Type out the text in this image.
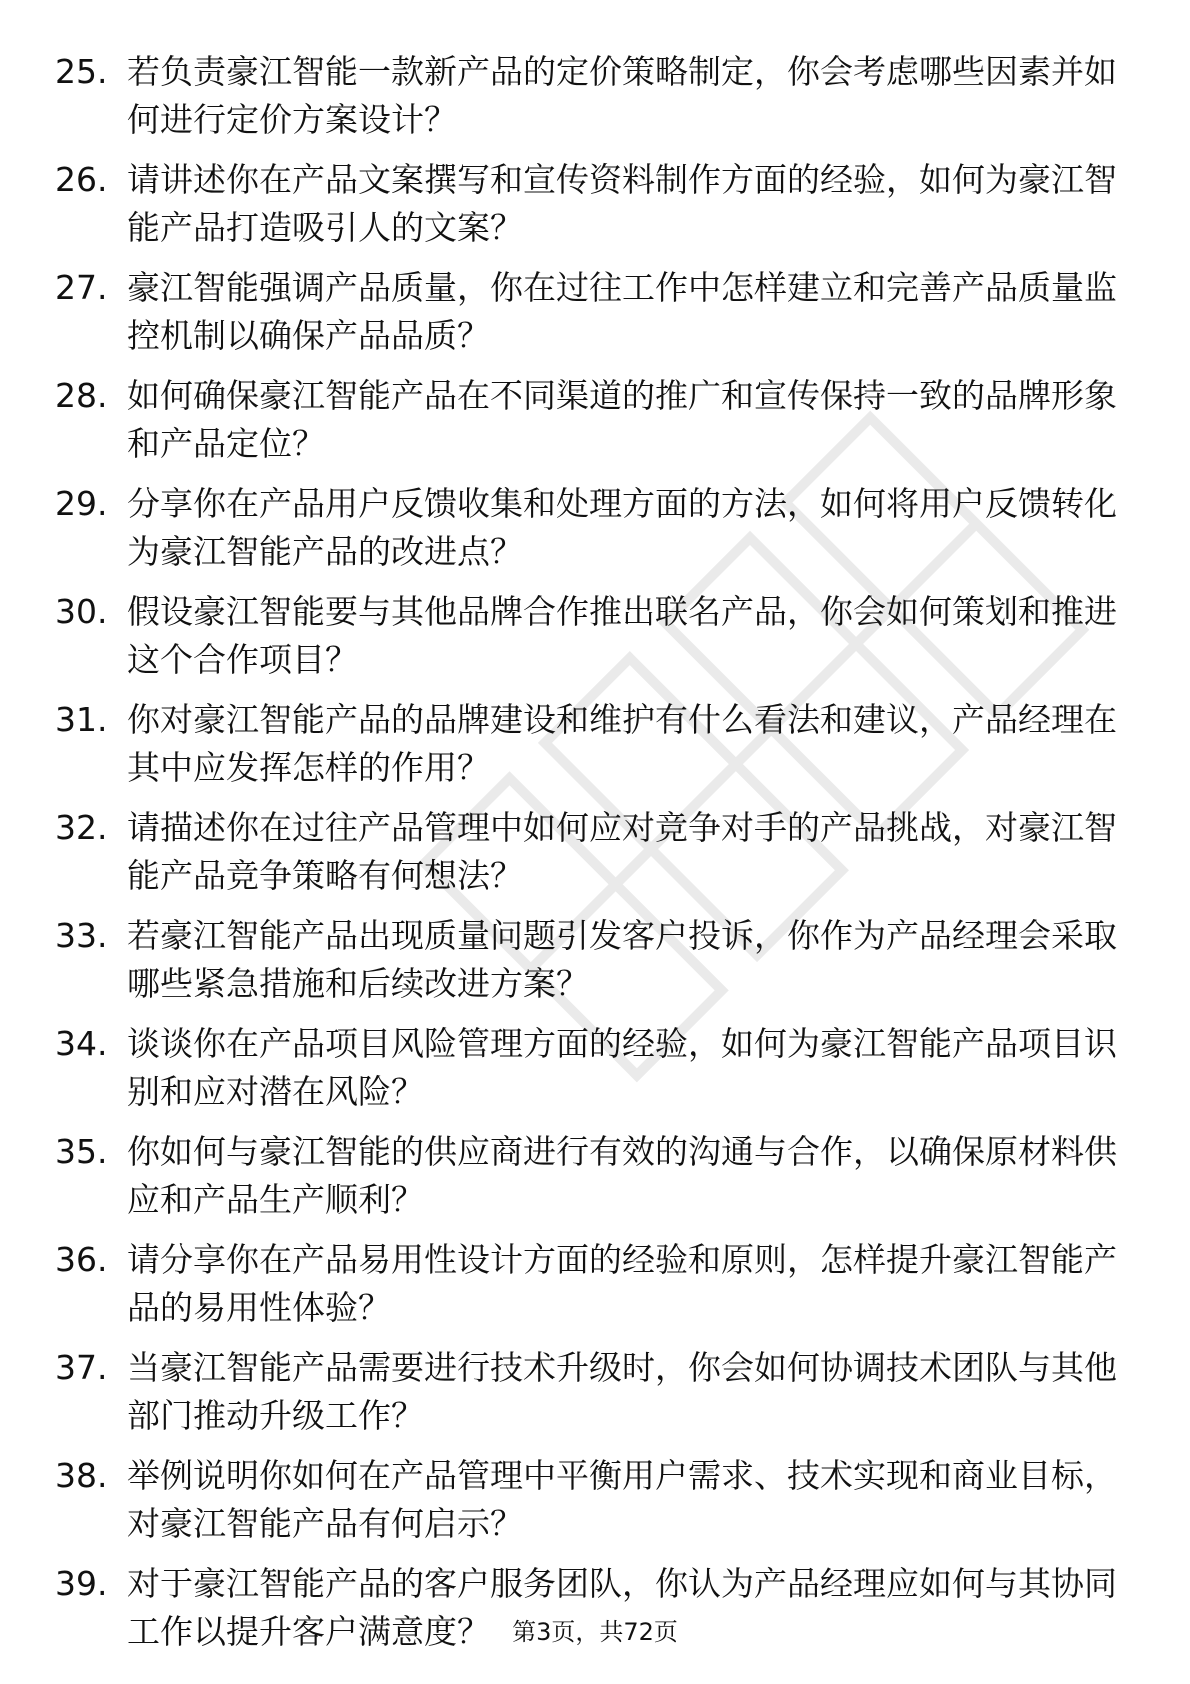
25. 若负责豪江智能一款新产品的定价策略制定，你会考虑哪些因素并如何进行定价方案设计？
26. 请讲述你在产品文案撰写和宣传资料制作方面的经验，如何为豪江智能产品打造吸引人的文案？
27. 豪江智能强调产品质量，你在过往工作中怎样建立和完善产品质量监控机制以确保产品品质？
28. 如何确保豪江智能产品在不同渠道的推广和宣传保持一致的品牌形象和产品定位？
29. 分享你在产品用户反馈收集和处理方面的方法，如何将用户反馈转化为豪江智能产品的改进点？
30. 假设豪江智能要与其他品牌合作推出联名产品，你会如何策划和推进这个合作项目？
31. 你对豪江智能产品的品牌建设和维护有什么看法和建议，产品经理在其中应发挥怎样的作用？
32. 请描述你在过往产品管理中如何应对竞争对手的产品挑战，对豪江智能产品竞争策略有何想法？
33. 若豪江智能产品出现质量问题引发客户投诉，你作为产品经理会采取哪些紧急措施和后续改进方案？
34. 谈谈你在产品项目风险管理方面的经验，如何为豪江智能产品项目识别和应对潜在风险？
35. 你如何与豪江智能的供应商进行有效的沟通与合作，以确保原材料供应和产品生产顺利？
36. 请分享你在产品易用性设计方面的经验和原则，怎样提升豪江智能产品的易用性体验？
37. 当豪江智能产品需要进行技术升级时，你会如何协调技术团队与其他部门推动升级工作？
38. 举例说明你如何在产品管理中平衡用户需求、技术实现和商业目标，对豪江智能产品有何启示？
39. 对于豪江智能产品的客户服务团队，你认为产品经理应如何与其协同工作以提升客户满意度？ 第3页，共72页
